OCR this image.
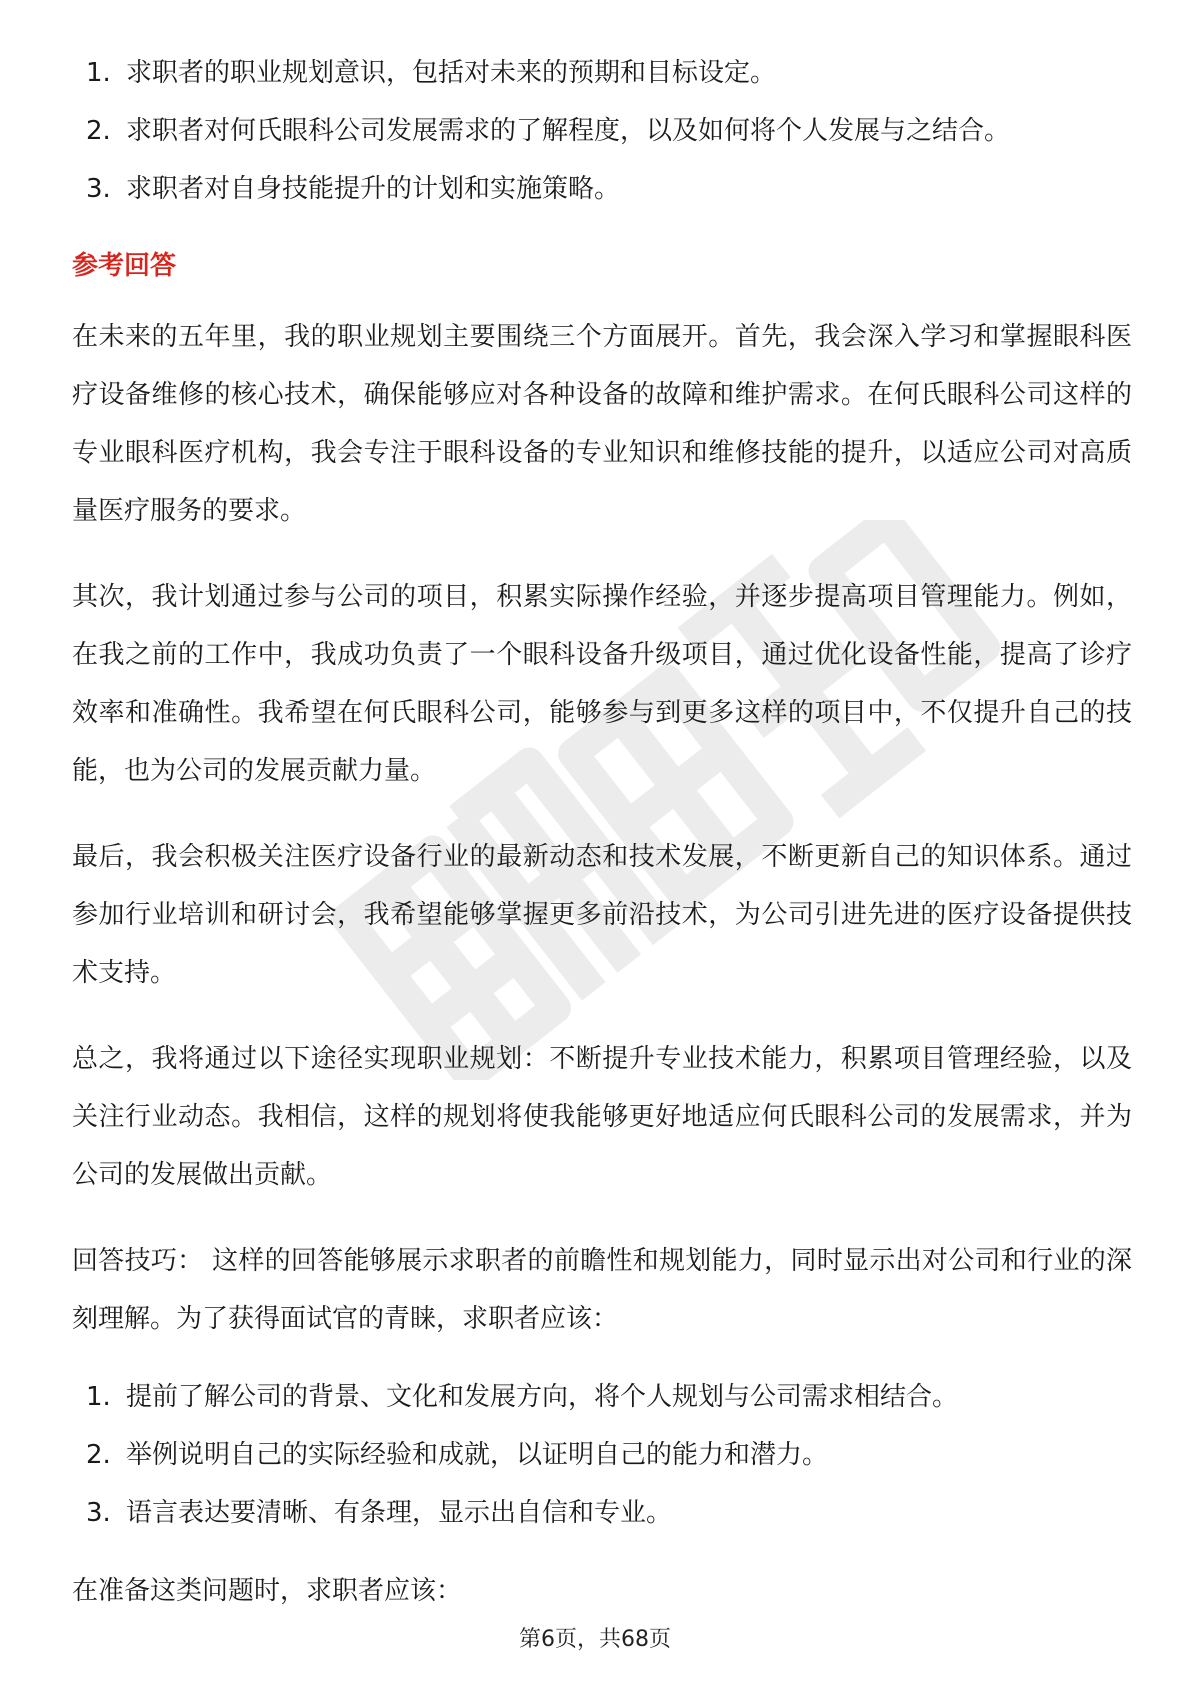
1. 求职者的职业规划意识，包括对未来的预期和目标设定。
2. 求职者对何氏眼科公司发展需求的了解程度，以及如何将个人发展与之结合。
3. 求职者对自身技能提升的计划和实施策略。
参考回答

在未来的五年里，我的职业规划主要围绕三个方面展开。首先，我会深入学习和掌握眼科医疗设备维修的核心技术，确保能够应对各种设备的故障和维护需求。在何氏眼科公司这样的专业眼科医疗机构，我会专注于眼科设备的专业知识和维修技能的提升，以适应公司对高质量医疗服务的要求。

其次，我计划通过参与公司的项目，积累实际操作经验，并逐步提高项目管理能力。例如，在我之前的工作中，我成功负责了一个眼科设备升级项目，通过优化设备性能，提高了诊疗效率和准确性。我希望在何氏眼科公司，能够参与到更多这样的项目中，不仅提升自己的技能，也为公司的发展贡献力量。

最后，我会积极关注医疗设备行业的最新动态和技术发展，不断更新自己的知识体系。通过参加行业培训和研讨会，我希望能够掌握更多前沿技术，为公司引进先进的医疗设备提供技术支持。

总之，我将通过以下途径实现职业规划：不断提升专业技术能力，积累项目管理经验，以及关注行业动态。我相信，这样的规划将使我能够更好地适应何氏眼科公司的发展需求，并为公司的发展做出贡献。

回答技巧： 这样的回答能够展示求职者的前瞻性和规划能力，同时显示出对公司和行业的深刻理解。为了获得面试官的青睐，求职者应该：

1. 提前了解公司的背景、文化和发展方向，将个人规划与公司需求相结合。
2. 举例说明自己的实际经验和成就，以证明自己的能力和潜力。
3. 语言表达要清晰、有条理，显示出自信和专业。

在准备这类问题时，求职者应该：

第6页，共68页
